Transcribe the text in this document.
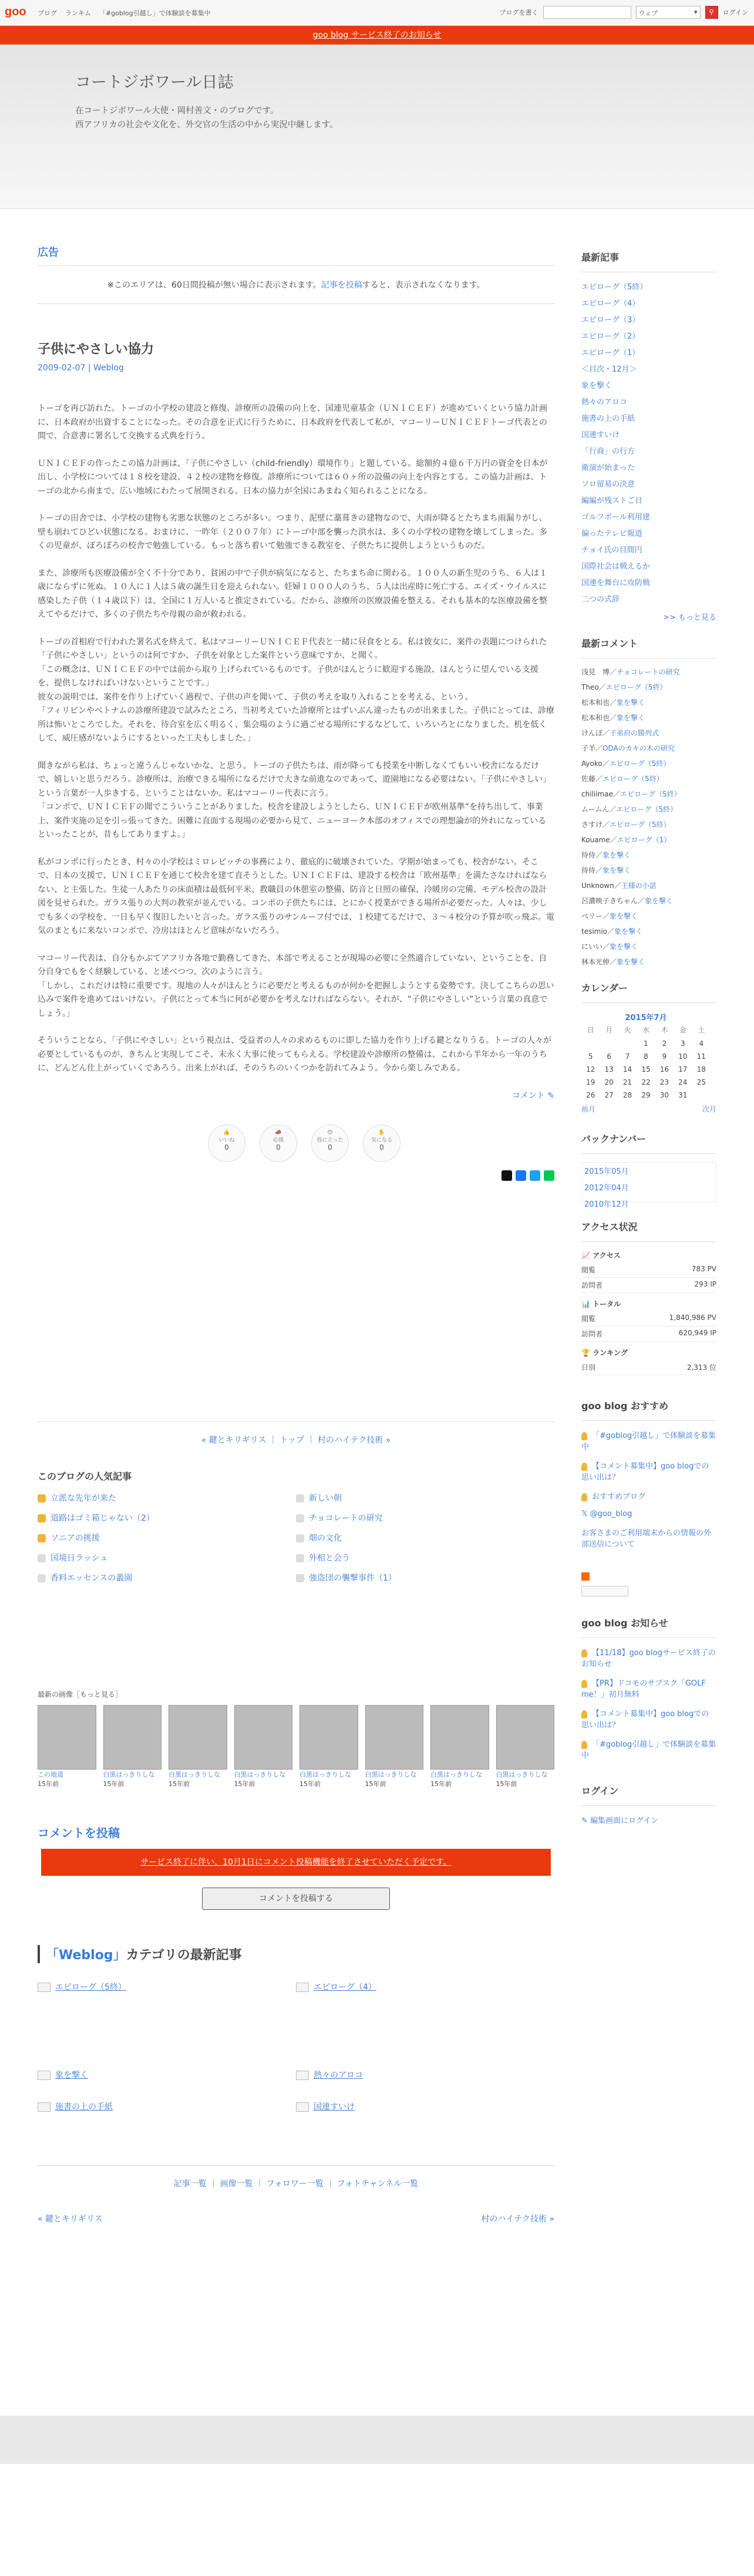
goo ブログ ランキム 「#goblog引越し」で体験談を募集中	ブログを書く	ウェブ	▾	⚲	ログイン
goo blog サービス終了のお知らせ
コートジボワール日誌

在コートジボワール大使・岡村善文・のブログです。

西アフリカの社会や文化を、外交官の生活の中から実況中継します。

広告
※このエリアは、60日間投稿が無い場合に表示されます。記事を投稿すると、表示されなくなります。
子供にやさしい協力
2009-02-07 | Weblog

トーゴを再び訪れた。トーゴの小学校の建設と修復、診療所の設備の向上を、国連児童基金（ＵＮＩＣＥＦ）が進めていくという協力計画に、日本政府が出資することになった。その合意を正式に行うために、日本政府を代表して私が、マコーリーＵＮＩＣＥＦトーゴ代表との間で、合意書に署名して交換する式典を行う。

ＵＮＩＣＥＦの作ったこの協力計画は、「子供にやさしい（child-friendly）環境作り」と題している。総額約４億６千万円の資金を日本が出し、小学校については１８校を建設、４２校の建物を修復。診療所については６０ヶ所の設備の向上を内容とする。この協力計画は、トーゴの北から南まで、広い地域にわたって展開される。日本の協力が全国にあまねく知られることになる。

トーゴの田舎では、小学校の建物も劣悪な状態のところが多い。つまり、泥壁に藁葺きの建物なので、大雨が降るとたちまち雨漏りがし、壁も崩れてひどい状態になる。おまけに、一昨年（２００７年）にトーゴ中部を襲った洪水は、多くの小学校の建物を壊してしまった。多くの児童が、ぼろぼろの校舎で勉強している。もっと落ち着いて勉強できる教室を、子供たちに提供しようというものだ。

また、診療所も医療設備が全く不十分であり、貧困の中で子供が病気になると、たちまち命に関わる。１００人の新生児のうち、６人は１歳にならずに死ぬ。１０人に１人は５歳の誕生日を迎えられない。妊婦１０００人のうち、５人は出産時に死亡する。エイズ・ウイルスに感染した子供（１４歳以下）は、全国に１万人いると推定されている。だから、診療所の医療設備を整える。それも基本的な医療設備を整えてやるだけで、多くの子供たちや母親の命が救われる。

トーゴの首相府で行われた署名式を終えて、私はマコーリーＵＮＩＣＥＦ代表と一緒に昼食をとる。私は彼女に、案件の表題につけられた「子供にやさしい」というのは何ですか、子供を対象とした案件という意味ですか、と聞く。
「この概念は、ＵＮＩＣＥＦの中では前から取り上げられているものです。子供がほんとうに歓迎する施設、ほんとうに望んでいる支援を、提供しなければいけないということです。」
彼女の説明では、案件を作り上げていく過程で、子供の声を聞いて、子供の考えを取り入れることを考える、という。
「フィリピンやベトナムの診療所建設で試みたところ、当初考えていた診療所とはずいぶん違ったものが出来ました。子供にとっては、診療所は怖いところでした。それを、待合室を広く明るく、集会場のように過ごせる場所にするなどして、いろいろとになりました。机を低くして、威圧感がないようにするといった工夫もしました。」

聞きながら私は、ちょっと違うんじゃないかな、と思う。トーゴの子供たちは、雨が降っても授業を中断しなくてもいい校舎になるだけで、嬉しいと思うだろう。診療所は、治療できる場所になるだけで大きな前進なのであって、遊園地になる必要はない。「子供にやさしい」という言葉が一人歩きする、ということはないか。私はマコーリー代表に言う。
「コンポで、ＵＮＩＣＥＦの聞でこういうことがありました。校舎を建設しようとしたら、ＵＮＩＣＥＦが欧州基準“を持ち出して、事業上、案件実施の足を引っ張ってきた。困難に直面する現場の必要から見て、ニューヨーク本部のオフィスでの理想論が的外れになっているといったことが、昔もしてありますよ。」

私がコンポに行ったとき、村々の小学校はミロレピッチの事務により、徹底的に破壊されていた。学期が始まっても、校舎がない。そこで、日本の支援で、ＵＮＩＣＥＦを通じて校舎を建て直そうとした。ＵＮＩＣＥＦは、建設する校舎は「欧州基準」を満たさなければならない、と主張した。生徒一人あたりの床面積は最低何平米、教職員の休憩室の整備、防音と日照の確保、冷暖房の完備、モデル校舎の設計図を見せられた。ガラス張りの大判の教室が並んでいる。コンポの子供たちには、とにかく授業ができる場所が必要だった。人々は、少しでも多くの学校を、一日も早く復旧したいと言った。ガラス張りのサンルーフ付では、１校建てるだけで、３～４校分の予算が吹っ飛ぶ。電気のまともに来ないコンポで、冷房はほとんど意味がないだろう。

マコーリー代表は、自分もかぶてアフリカ各地で勤務してきた、本部で考えることが現場の必要に全然適合していない、ということを、自分自身でもをく経験している、と述べつつ、次のように言う。
「しかし、これだけは特に重要です。現地の人々がほんとうに必要だと考えるものが何かを把握しようとする姿勢です。決してこちらの思い込みで案件を進めてはいけない。子供にとって本当に何が必要かを考えなければならない。それが、“子供にやさしい”という言葉の真意でしょう。」

そういうことなら、「子供にやさしい」という視点は、受益者の人々の求めるものに即した協力を作り上げる鍵となりうる。トーゴの人々が必要としているものが、きちんと実現してこそ、末永く大事に使ってもらえる。学校建設や診療所の整備は、これから半年から一年のうちに、どんどん仕上がっていくであろう。出来上がれば、そのうちのいくつかを訪れてみよう。今から楽しみである。

コメント ✎
👍
いいね
0
📣
応援
0
😊
役に立った
0
✋
気になる
0
« 鍵とキリギリス ｜ トップ ｜ 村のハイテク技術 »
このブログの人気記事
立派な先年が来た	新しい朝
道路はゴミ箱じゃない（2）	チョコレートの研究
ソニアの挑援	畑の文化
国境日ラッシュ	外相と会う
香料エッセンスの叢園	強盗団の襲撃事件（1）
最新の画像［もっと見る］
この地道
15年前
白黒はっきりしな
15年前
白黒はっきりしな
15年前
白黒はっきりしな
15年前
白黒はっきりしな
15年前
白黒はっきりしな
15年前
白黒はっきりしな
15年前
白黒はっきりしな
15年前
コメントを投稿
サービス終了に伴い、10月1日にコメント投稿機能を終了させていただく予定です。
コメントを投稿する
「Weblog」カテゴリの最新記事
エピローグ（5終）	エピローグ（4）
象を撃く	熱々のアロコ
施書の上の手紙	国連すいけ
記事一覧 ｜ 画像一覧 ｜ フォロワー一覧 ｜ フォトチャンネル一覧
« 鍵とキリギリス	村のハイテク技術 »
最新記事
エピローグ（5終）
エピローグ（4）
エピローグ（3）
エピローグ（2）
エピローグ（1）
＜目次・12月＞
象を撃く
熱々のアロコ
施書の上の手紙
国連すいけ
「行商」の行方
衛演が始まった
ソロ留易の決意
編編が残ストご日
ゴルフボール利用建
偏ったテレビ報道
チョイ氏の目間円
国際社会は戦えるか
国連を舞台に攻防戦
二つの式辞
>> もっと見る
最新コメント
浅見　博／チョコレートの研究
Theo／エピローグ（5終）
松本和也／象を撃く
松本和也／象を撃く
けんぽ／子弟府の勝列式
子羊／ODAのカキの木の研究
Ayoko／エピローグ（5終）
佐藤／エピローグ（5終）
chiliimae／エピローグ（5終）
ムームん／エピローグ（5終）
さすけ／エピローグ（5終）
Kouame／エピローグ（1）
侍侍／象を撃く
侍侍／象を撃く
Unknown／王様の小話
呂濃映子きちゃん／象を撃く
ベリー／象を撃く
tesimio／象を撃く
にいい／象を撃く
林本光伸／象を撃く
カレンダー
2015年7月
日	月	火	水	木	金	土
			1	2	3	4
5	6	7	8	9	10	11
12	13	14	15	16	17	18
19	20	21	22	23	24	25
26	27	28	29	30	31	
前月	次月
バックナンバー
2015年05月
2012年04月
2010年12月
アクセス状況
📈 アクセス
閲覧	783 PV
訪問者	293 IP
📊 トータル
閲覧	1,840,986 PV
訪問者	620,949 IP
🏆 ランキング
日別	2,313 位
goo blog おすすめ
「#goblog引越し」で体験談を募集中
【コメント募集中】goo blogでの思い出は？
おすすめブログ
𝕏 @goo_blog
お客さまのご利用端末からの情報の外部送信について

goo blog お知らせ
【11/18】goo blogサービス終了のお知らせ
【PR】ドコモのサブスク「GOLF me！」初月無料
【コメント募集中】goo blogでの思い出は？
「#goblog引越し」で体験談を募集中
ログイン
✎ 編集画面にログイン
